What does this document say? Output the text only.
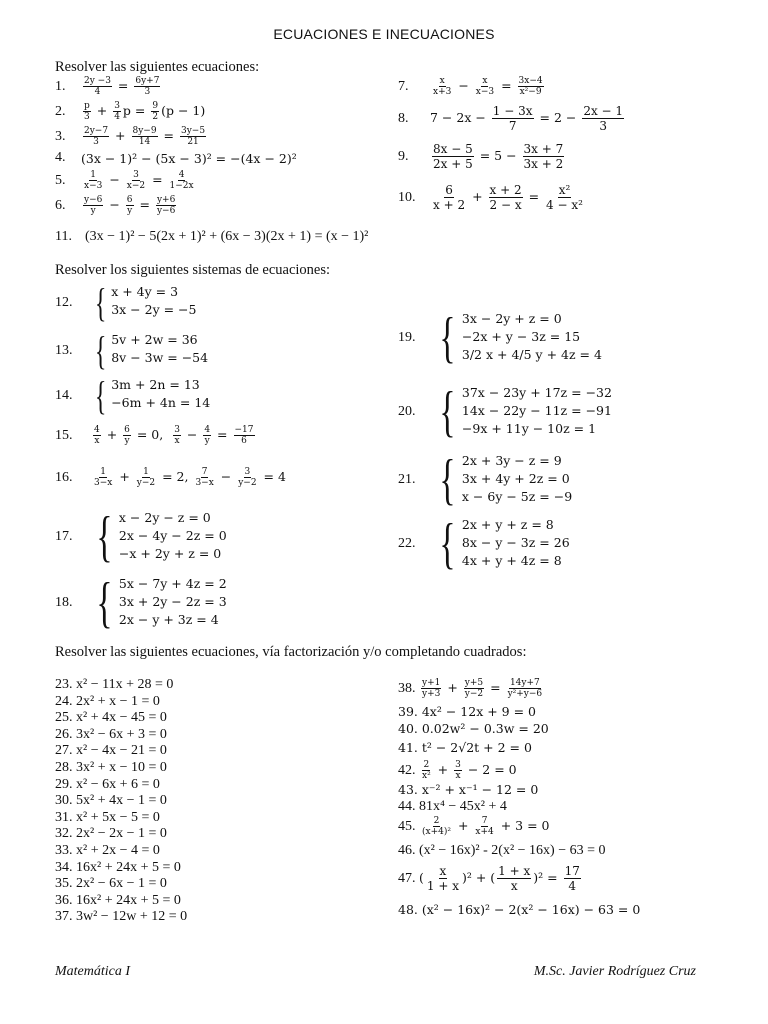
ECUACIONES E INECUACIONES
Resolver las siguientes ecuaciones:
1.	$\frac{2y -3}{4} = \frac{6y+7}{3}$
2.	$\frac{p}{3} + \frac{3}{4}$ $p = \frac{9}{2} (p - 1)$
3.	$\frac{2y-7}{3} + \frac{8y-9}{14} = \frac{3y-5}{21}$
4.	(3x − 1)² − (5x − 3)² = −(4x − 2)²
5.	$\frac{1}{x-3} - \frac{3}{x-2} = \frac{4}{1-2x}$
6.	$\frac{y-6}{y} - \frac{6}{y} = \frac{y+6}{y-6}$
7.	$\frac{x}{x+3} - \frac{x}{x-3} = \frac{3x-4}{\text{x²−9}}$
8.	$7 - 2x - \frac{1 - 3x}{7} = 2 - \frac{2x - 1}{3}$
9.	$\frac{8x - 5}{2x + 5} = 5 - \frac{3x + 7}{3x + 2}$
10.	$\frac{6}{x + 2} + \frac{x + 2}{2 - x} = \frac{\text{x²}}{\text{4 − x²}}$
11. (3x − 1)² − 5(2x + 1)² + (6x − 3)(2x + 1) = (x − 1)²
Resolver los siguientes sistemas de ecuaciones:
12. { x + 4y = 3
3x − 2y = −5
13. { 5v + 2w = 36
8v − 3w = −54
14. { 3m + 2n = 13
−6m + 4n = 14
15.	$\frac{4}{x} + \frac{6}{y} = 0$, $\frac{3}{x} - \frac{4}{y} = \frac{-17}{6}$
16.	$\frac{1}{3-x} + \frac{1}{y-2} = 2$, $\frac{7}{3-x} - \frac{3}{y-2} = 4$
17. { x − 2y − z = 0
2x − 4y − 2z = 0
−x + 2y + z = 0
18. { 5x − 7y + 4z = 2
3x + 2y − 2z = 3
2x − y + 3z = 4
19. { 3x − 2y + z = 0
−2x + y − 3z = 15
3/2 x + 4/5 y + 4z = 4
20. { 37x − 23y + 17z = −32
14x − 22y − 11z = −91
−9x + 11y − 10z = 1
21. { 2x + 3y − z = 9
3x + 4y + 2z = 0
x − 6y − 5z = −9
22. { 2x + y + z = 8
8x − y − 3z = 26
4x + y + 4z = 8
Resolver las siguientes ecuaciones, vía factorización y/o completando cuadrados:
23. x² − 11x + 28 = 0
24. 2x² + x − 1 = 0
25. x² + 4x − 45 = 0
26. 3x² − 6x + 3 = 0
27. x² − 4x − 21 = 0
28. 3x² + x − 10 = 0
29. x² − 6x + 6 = 0
30. 5x² + 4x − 1 = 0
31. x² + 5x − 5 = 0
32. 2x² − 2x − 1 = 0
33. x² + 2x − 4 = 0
34. 16x² + 24x + 5 = 0
35. 2x² − 6x − 1 = 0
36. 16x² + 24x + 5 = 0
37. 3w² − 12w + 12 = 0
38.
$\frac{y+1}{y+3} + \frac{y+5}{y-2} = \frac{14y+7}{\text{y²+y−6}}$
39. 4x² − 12x + 9 = 0
40. 0.02w² − 0.3w = 20
41. t² − 2√2t + 2 = 0
42.
$\frac{2}{\text{x²}} + \frac{3}{x} - 2 = 0$
43. x⁻² + x⁻¹ − 12 = 0
44. 81x⁴ − 45x² + 4
45.
$\frac{2}{\text{(x+4)²}} + \frac{7}{x+4} + 3 = 0$
46. (x² − 16x)² - 2(x² − 16x) − 63 = 0
47.
( $\frac{x}{1 + x} )^2$ + ( $\frac{1 + x}{x} )^2 = \frac{17}{4}$
48. (x² − 16x)² − 2(x² − 16x) − 63 = 0
Matemática I	M.Sc. Javier Rodríguez Cruz
